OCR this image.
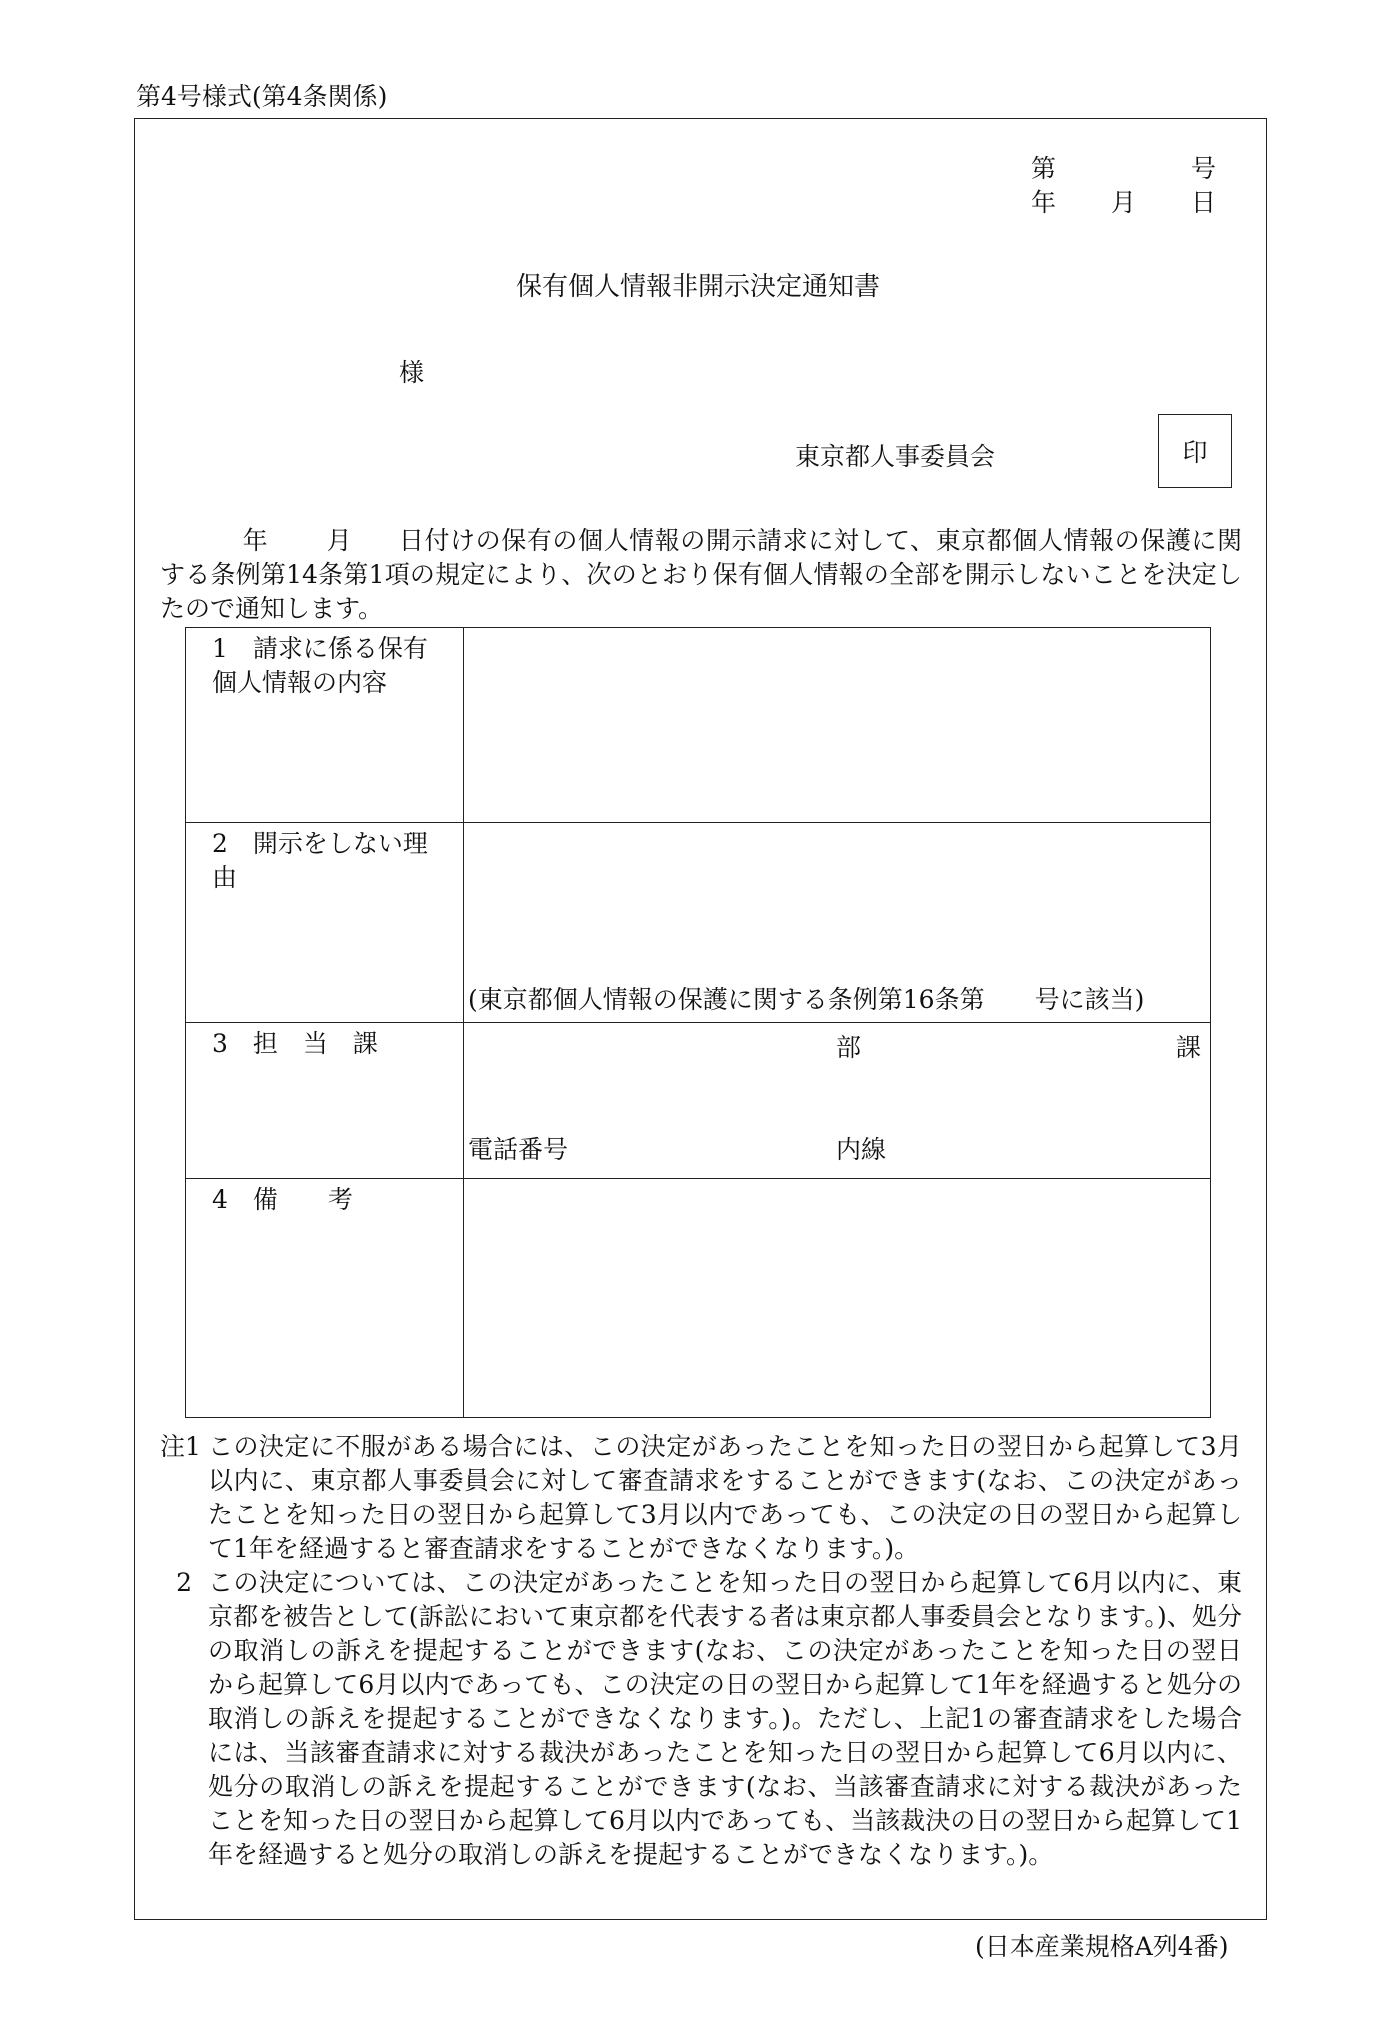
第4号様式(第4条関係)
第	号
年 月 日
保有個人情報非開示決定通知書
様
東京都人事委員会	印
年 月 日付けの保有の個人情報の開示請求に対して、東京都個人情報の保護に関する条例第14条第1項の規定により、次のとおり保有個人情報の全部を開示しないことを決定したので通知します。
1　請求に係る保有個人情報の内容
2　開示をしない理由
(東京都個人情報の保護に関する条例第16条第　　号に該当)
3　担　当　課	部	課
電話番号	内線
4　備　　考
注1 この決定に不服がある場合には、この決定があったことを知った日の翌日から起算して3月以内に、東京都人事委員会に対して審査請求をすることができます(なお、この決定があったことを知った日の翌日から起算して3月以内であっても、この決定の日の翌日から起算して1年を経過すると審査請求をすることができなくなります。)。
2 この決定については、この決定があったことを知った日の翌日から起算して6月以内に、東京都を被告として(訴訟において東京都を代表する者は東京都人事委員会となります。)、処分の取消しの訴えを提起することができます(なお、この決定があったことを知った日の翌日から起算して6月以内であっても、この決定の日の翌日から起算して1年を経過すると処分の取消しの訴えを提起することができなくなります。)。ただし、上記1の審査請求をした場合には、当該審査請求に対する裁決があったことを知った日の翌日から起算して6月以内に、処分の取消しの訴えを提起することができます(なお、当該審査請求に対する裁決があったことを知った日の翌日から起算して6月以内であっても、当該裁決の日の翌日から起算して1年を経過すると処分の取消しの訴えを提起することができなくなります。)。
(日本産業規格A列4番)
